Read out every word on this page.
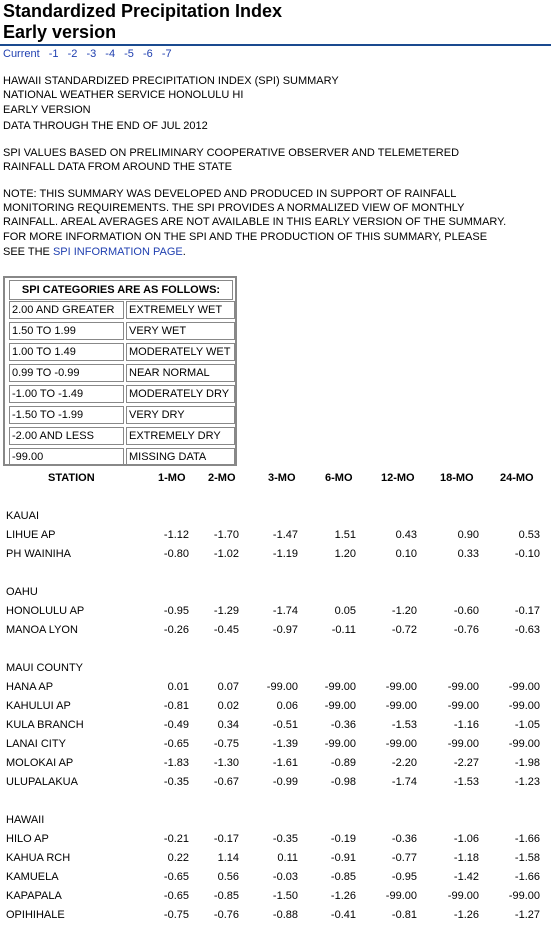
Standardized Precipitation Index
Early version
Current -1 -2 -3 -4 -5 -6 -7
HAWAII STANDARDIZED PRECIPITATION INDEX (SPI) SUMMARY
NATIONAL WEATHER SERVICE HONOLULU HI
EARLY VERSION
DATA THROUGH THE END OF JUL 2012
SPI VALUES BASED ON PRELIMINARY COOPERATIVE OBSERVER AND TELEMETERED
RAINFALL DATA FROM AROUND THE STATE
NOTE: THIS SUMMARY WAS DEVELOPED AND PRODUCED IN SUPPORT OF RAINFALL
MONITORING REQUIREMENTS. THE SPI PROVIDES A NORMALIZED VIEW OF MONTHLY
RAINFALL. AREAL AVERAGES ARE NOT AVAILABLE IN THIS EARLY VERSION OF THE SUMMARY.
FOR MORE INFORMATION ON THE SPI AND THE PRODUCTION OF THIS SUMMARY, PLEASE
SEE THE SPI INFORMATION PAGE.
SPI CATEGORIES ARE AS FOLLOWS:
2.00 AND GREATER	EXTREMELY WET
1.50 TO 1.99	VERY WET
1.00 TO 1.49	MODERATELY WET
0.99 TO -0.99	NEAR NORMAL
-1.00 TO -1.49	MODERATELY DRY
-1.50 TO -1.99	VERY DRY
-2.00 AND LESS	EXTREMELY DRY
-99.00	MISSING DATA
STATION	1-MO 2-MO	3-MO	6-MO	12-MO 18-MO 24-MO
KAUAI
LIHUE AP	-1.12	-1.70	-1.47	1.51	0.43	0.90	0.53
PH WAINIHA	-0.80	-1.02	-1.19	1.20	0.10	0.33	-0.10
OAHU
HONOLULU AP	-0.95	-1.29	-1.74	0.05	-1.20	-0.60	-0.17
MANOA LYON	-0.26	-0.45	-0.97	-0.11	-0.72	-0.76	-0.63
MAUI COUNTY
HANA AP	0.01	0.07	-99.00	-99.00	-99.00	-99.00	-99.00
KAHULUI AP	-0.81	0.02	0.06	-99.00	-99.00	-99.00	-99.00
KULA BRANCH	-0.49	0.34	-0.51	-0.36	-1.53	-1.16	-1.05
LANAI CITY	-0.65	-0.75	-1.39	-99.00	-99.00	-99.00	-99.00
MOLOKAI AP	-1.83	-1.30	-1.61	-0.89	-2.20	-2.27	-1.98
ULUPALAKUA	-0.35	-0.67	-0.99	-0.98	-1.74	-1.53	-1.23
HAWAII
HILO AP	-0.21	-0.17	-0.35	-0.19	-0.36	-1.06	-1.66
KAHUA RCH	0.22	1.14	0.11	-0.91	-0.77	-1.18	-1.58
KAMUELA	-0.65	0.56	-0.03	-0.85	-0.95	-1.42	-1.66
KAPAPALA	-0.65	-0.85	-1.50	-1.26	-99.00	-99.00	-99.00
OPIHIHALE	-0.75	-0.76	-0.88	-0.41	-0.81	-1.26	-1.27
